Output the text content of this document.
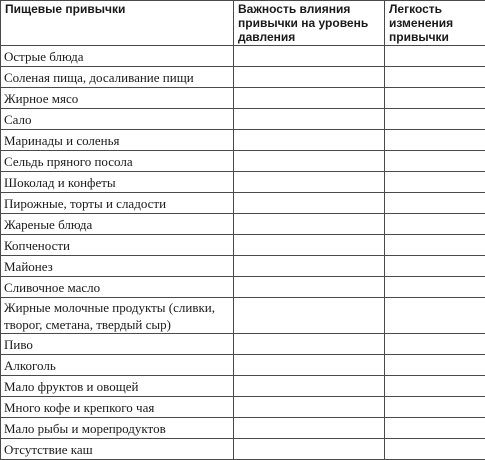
Пищевые привычки	Важность влияния привычки на уровень давления	Легкость изменения привычки
Острые блюда		
Соленая пища, досаливание пищи		
Жирное мясо		
Сало		
Маринады и соленья		
Сельдь пряного посола		
Шоколад и конфеты		
Пирожные, торты и сладости		
Жареные блюда		
Копчености		
Майонез		
Сливочное масло		
Жирные молочные продукты (сливки, творог, сметана, твердый сыр)		
Пиво		
Алкоголь		
Мало фруктов и овощей		
Много кофе и крепкого чая		
Мало рыбы и морепродуктов		
Отсутствие каш		
